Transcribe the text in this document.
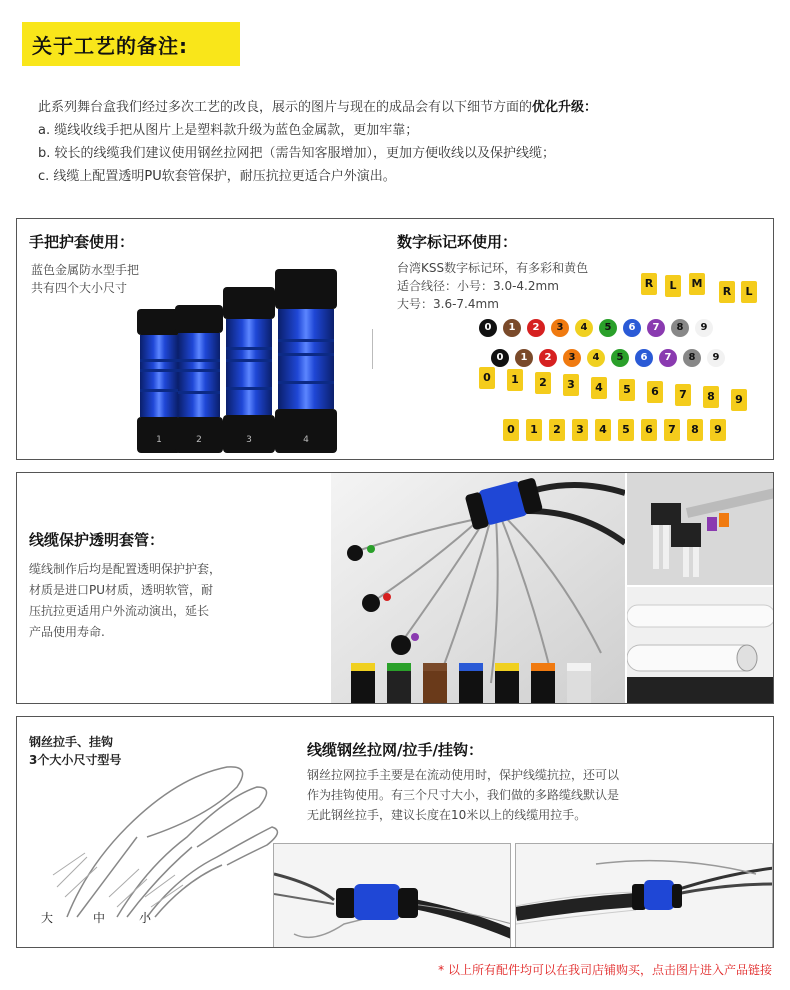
关于工艺的备注:

此系列舞台盒我们经过多次工艺的改良，展示的图片与现在的成品会有以下细节方面的优化升级：

a. 缆线收线手把从图片上是塑料款升级为蓝色金属款，更加牢靠；

b. 较长的线缆我们建议使用钢丝拉网把（需告知客服增加），更加方便收线以及保护线缆；

c. 线缆上配置透明PU软套管保护，耐压抗拉更适合户外演出。

手把护套使用：
蓝色金属防水型手把
共有四个大小尺寸
1	2	3	4
数字标记环使用：
台湾KSS数字标记环，有多彩和黄色
适合线径：小号：3.0-4.2mm
大号：3.6-7.4mm
R	L	M
R	L
0	1	2	3	4	5	6	7	8	9
0	1	2	3	4	5	6	7	8	9
0	1	2	3	4	5	6	7	8	9
0	1	2	3	4	5	6	7	8	9
线缆保护透明套管：
缆线制作后均是配置透明保护护套，
材质是进口PU材质，透明软管，耐
压抗拉更适用户外流动演出，延长
产品使用寿命.
钢丝拉手、挂钩
3个大小尺寸型号
大	中	小
线缆钢丝拉网/拉手/挂钩：
钢丝拉网拉手主要是在流动使用时，保护线缆抗拉，还可以
作为挂钩使用。有三个尺寸大小，我们做的多路缆线默认是
无此钢丝拉手，建议长度在10米以上的线缆用拉手。
* 以上所有配件均可以在我司店铺购买，点击图片进入产品链接
